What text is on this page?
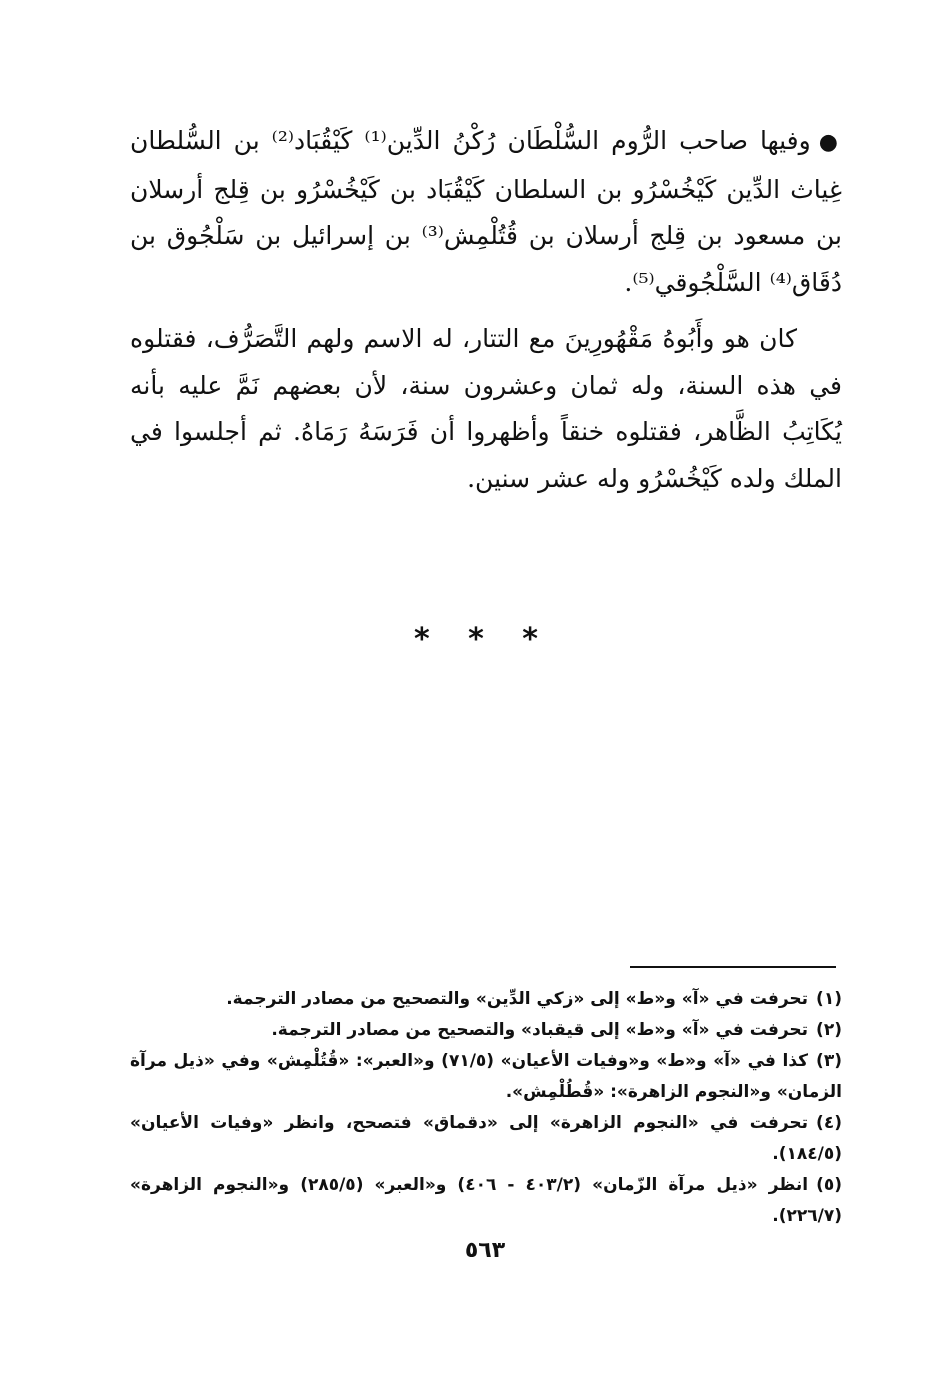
●وفيها صاحب الرُّوم السُّلْطَان رُكْنُ الدِّين⁽¹⁾ كَيْقُبَاد⁽²⁾ بن السُّلطان غِياث الدِّين كَيْخُسْرُو بن السلطان كَيْقُبَاد بن كَيْخُسْرُو بن قِلج أرسلان بن مسعود بن قِلج أرسلان بن قُتُلْمِش⁽³⁾ بن إسرائيل بن سَلْجُوق بن دُقَاق⁽⁴⁾ السَّلْجُوقي⁽⁵⁾.

كان هو وأَبُوهُ مَقْهُورِينَ مع التتار، له الاسم ولهم التَّصَرُّف، فقتلوه في هذه السنة، وله ثمان وعشرون سنة، لأن بعضهم نَمَّ عليه بأنه يُكَاتِبُ الظَّاهر، فقتلوه خنقاً وأظهروا أن فَرَسَهُ رَمَاهُ. ثم أجلسوا في الملك ولده كَيْخُسْرُو وله عشر سنين.

* * *

(١)تحرفت في «آ» و«ط» إلى «زكي الدِّين» والتصحيح من مصادر الترجمة.

(٢)تحرفت في «آ» و«ط» إلى قيقباد» والتصحيح من مصادر الترجمة.

(٣)كذا في «آ» و«ط» و«وفيات الأعيان» (٧١/٥) و«العبر»: «قُتُلْمِش» وفي «ذيل مرآة الزمان» و«النجوم الزاهرة»: «قُطُلْمِش».

(٤)تحرفت في «النجوم الزاهرة» إلى «دقماق» فتصحح، وانظر «وفيات الأعيان» (١٨٤/٥).

(٥)انظر «ذيل مرآة الزّمان» (٤٠٣/٢ - ٤٠٦) و«العبر» (٢٨٥/٥) و«النجوم الزاهرة» (٢٢٦/٧).

٥٦٣
